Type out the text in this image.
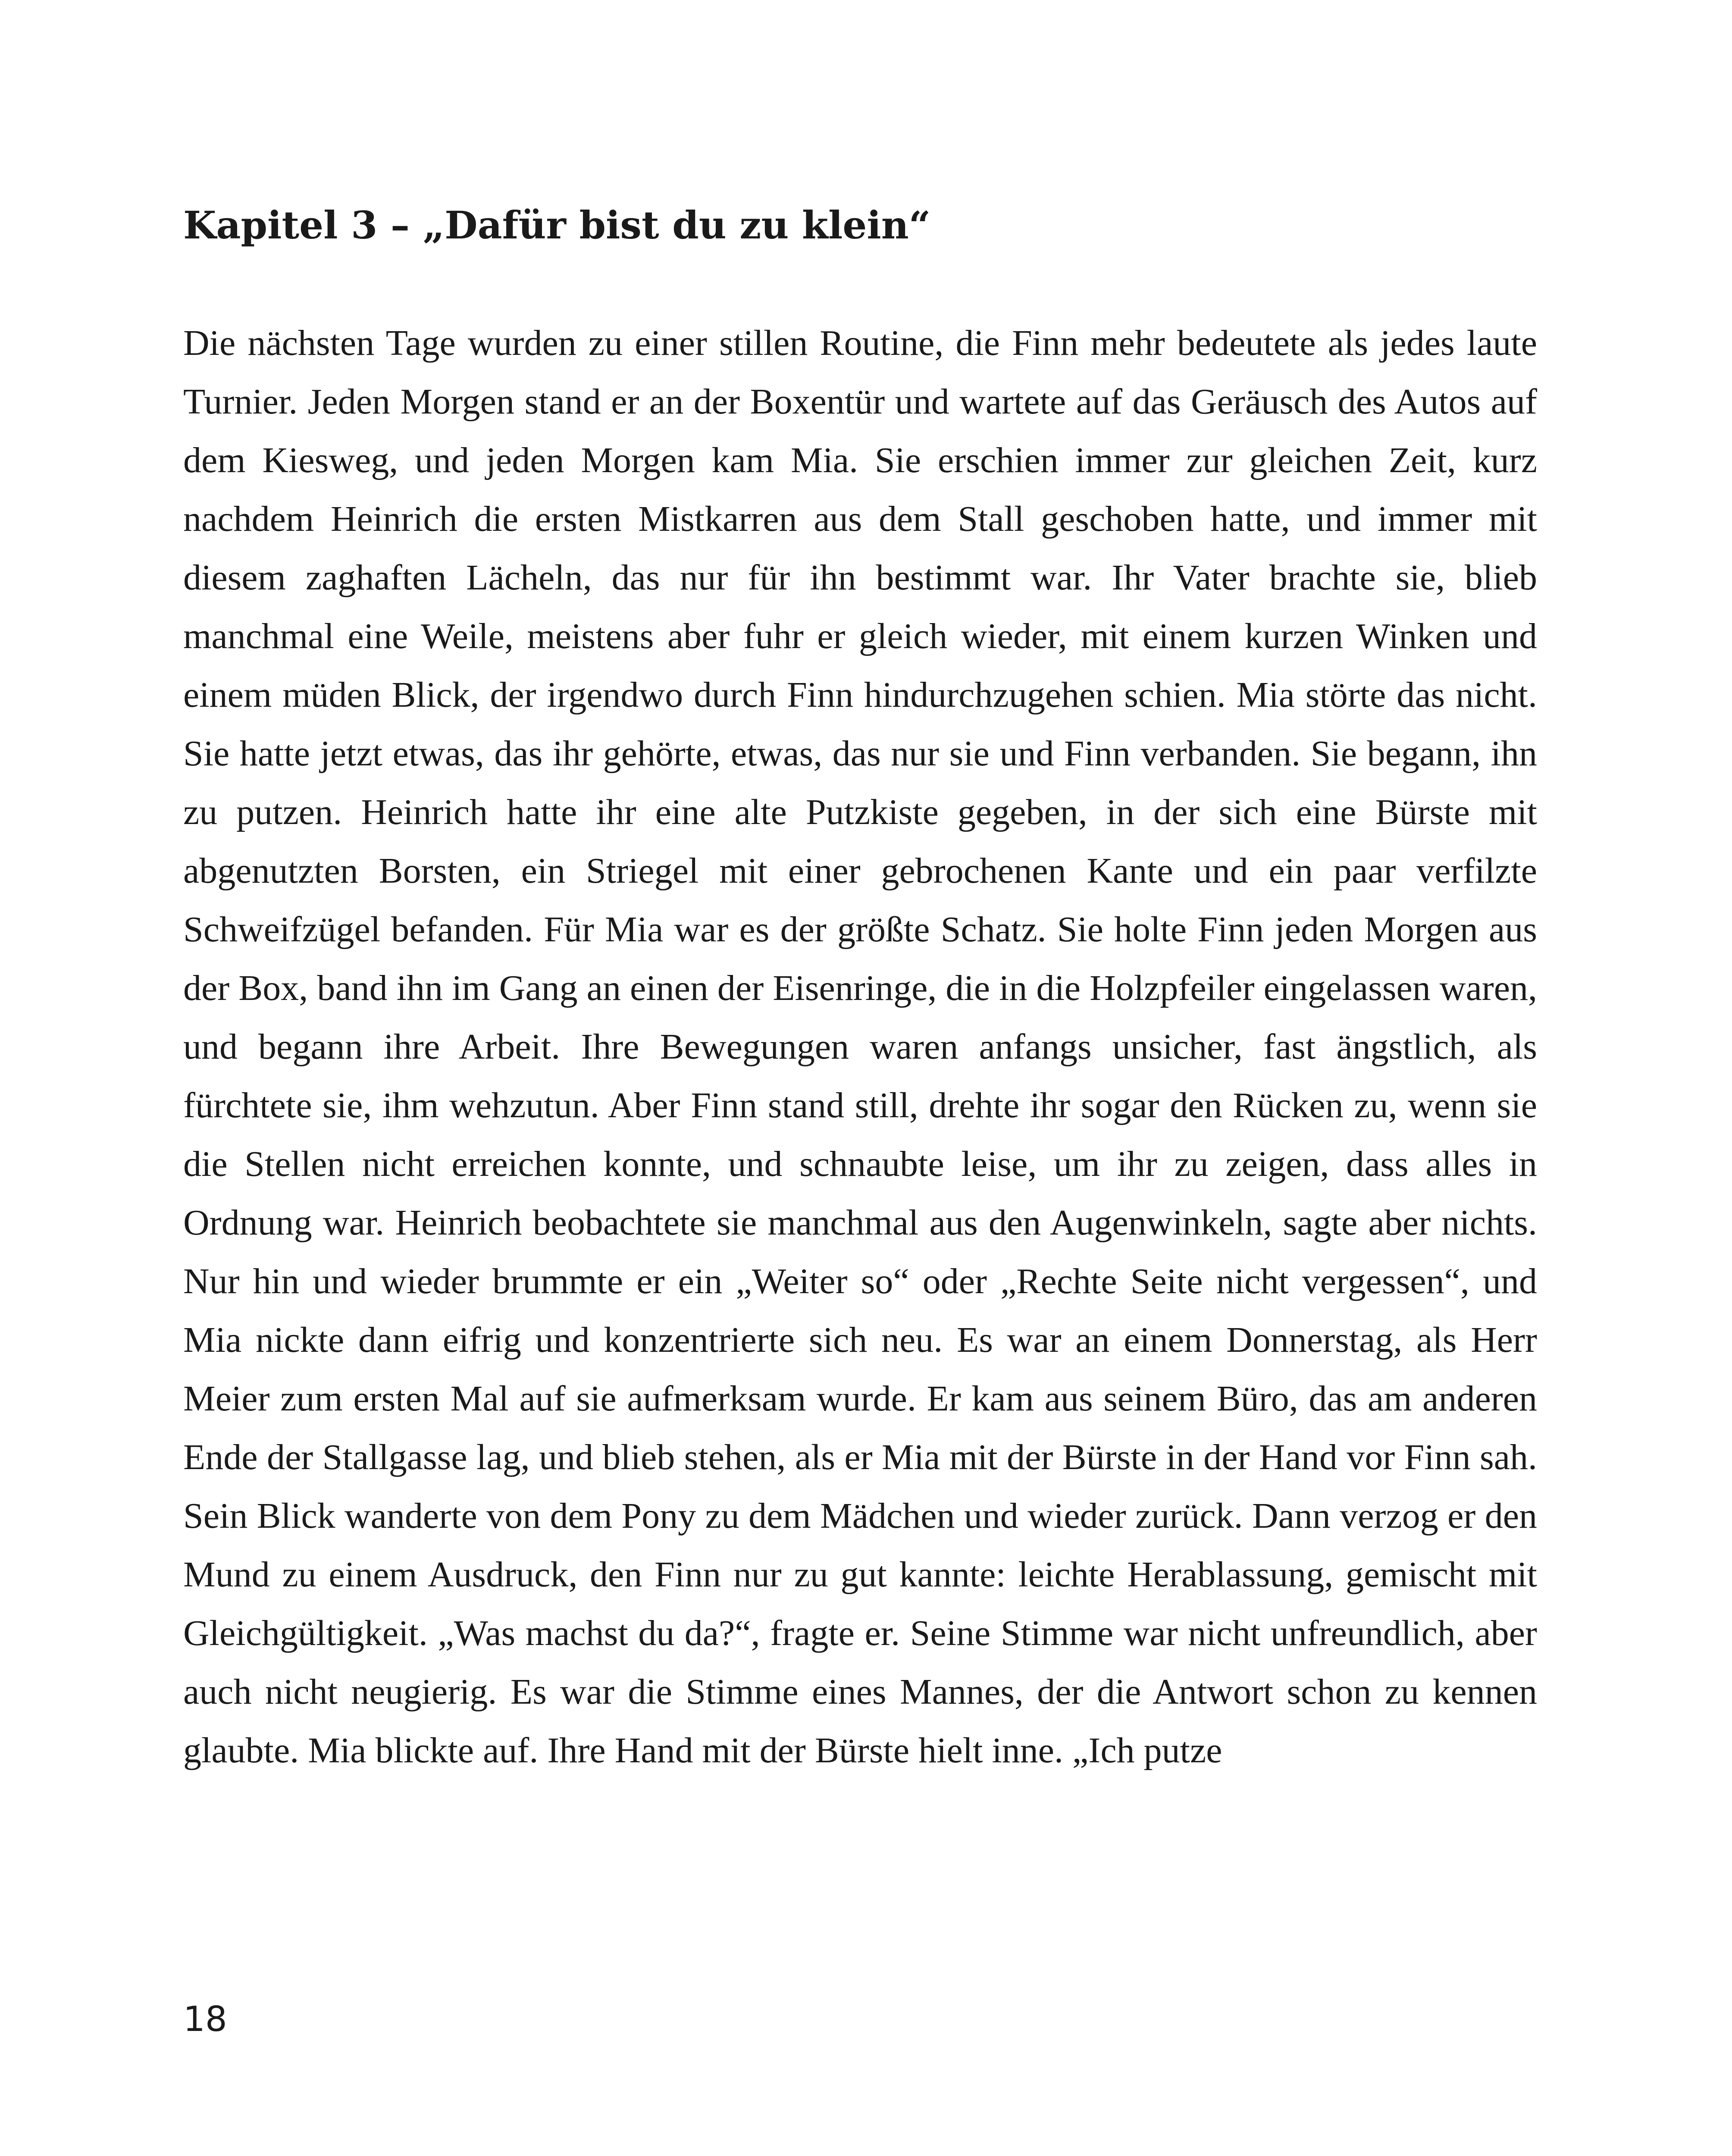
Kapitel 3 – „Dafür bist du zu klein“

Die nächsten Tage wurden zu einer stillen Routine, die Finn mehr bedeutete als jedes laute Turnier. Jeden Morgen stand er an der Boxentür und wartete auf das Geräusch des Autos auf dem Kiesweg, und jeden Morgen kam Mia. Sie erschien immer zur gleichen Zeit, kurz nachdem Heinrich die ersten Mistkarren aus dem Stall geschoben hatte, und immer mit diesem zaghaften Lächeln, das nur für ihn bestimmt war. Ihr Vater brachte sie, blieb manchmal eine Weile, meistens aber fuhr er gleich wieder, mit einem kurzen Winken und einem müden Blick, der irgendwo durch Finn hindurchzugehen schien. Mia störte das nicht. Sie hatte jetzt etwas, das ihr gehörte, etwas, das nur sie und Finn verbanden. Sie begann, ihn zu putzen. Heinrich hatte ihr eine alte Putzkiste gegeben, in der sich eine Bürste mit abgenutzten Borsten, ein Striegel mit einer gebrochenen Kante und ein paar verfilzte Schweifzügel befanden. Für Mia war es der größte Schatz. Sie holte Finn jeden Morgen aus der Box, band ihn im Gang an einen der Eisenringe, die in die Holzpfeiler eingelassen waren, und begann ihre Arbeit. Ihre Bewegungen waren anfangs unsicher, fast ängstlich, als fürchtete sie, ihm wehzutun. Aber Finn stand still, drehte ihr sogar den Rücken zu, wenn sie die Stellen nicht erreichen konnte, und schnaubte leise, um ihr zu zeigen, dass alles in Ordnung war. Heinrich beobachtete sie manchmal aus den Augenwinkeln, sagte aber nichts. Nur hin und wieder brummte er ein „Weiter so“ oder „Rechte Seite nicht vergessen“, und Mia nickte dann eifrig und konzentrierte sich neu. Es war an einem Donnerstag, als Herr Meier zum ersten Mal auf sie aufmerksam wurde. Er kam aus seinem Büro, das am anderen Ende der Stallgasse lag, und blieb stehen, als er Mia mit der Bürste in der Hand vor Finn sah. Sein Blick wanderte von dem Pony zu dem Mädchen und wieder zurück. Dann verzog er den Mund zu einem Ausdruck, den Finn nur zu gut kannte: leichte Herablassung, gemischt mit Gleichgültigkeit. „Was machst du da?“, fragte er. Seine Stimme war nicht unfreundlich, aber auch nicht neugierig. Es war die Stimme eines Mannes, der die Antwort schon zu kennen glaubte. Mia blickte auf. Ihre Hand mit der Bürste hielt inne. „Ich putze

18
